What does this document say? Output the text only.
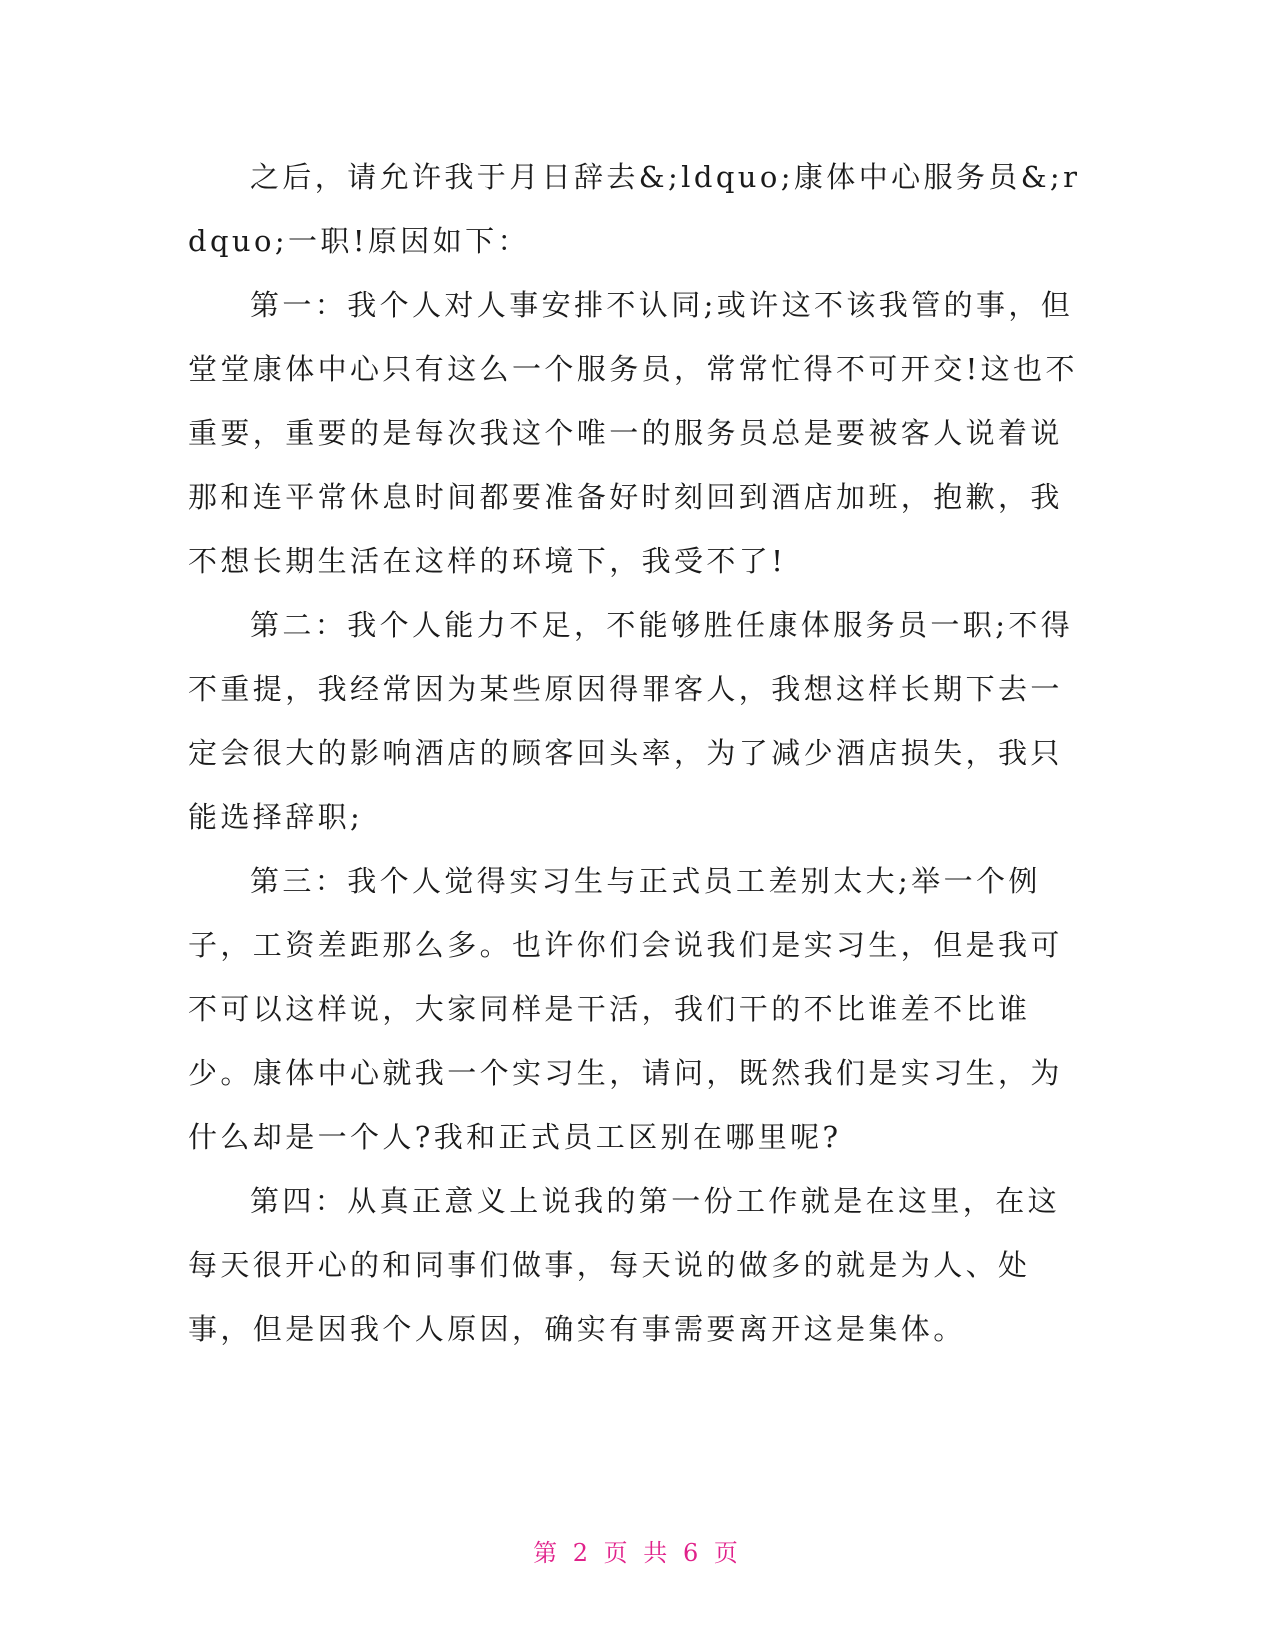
之后，请允许我于月日辞去&;ldquo;康体中心服务员&;rdquo;一职!原因如下：

第一：我个人对人事安排不认同;或许这不该我管的事，但堂堂康体中心只有这么一个服务员，常常忙得不可开交!这也不重要，重要的是每次我这个唯一的服务员总是要被客人说着说那和连平常休息时间都要准备好时刻回到酒店加班，抱歉，我不想长期生活在这样的环境下，我受不了!

第二：我个人能力不足，不能够胜任康体服务员一职;不得不重提，我经常因为某些原因得罪客人，我想这样长期下去一定会很大的影响酒店的顾客回头率，为了减少酒店损失，我只能选择辞职;

第三：我个人觉得实习生与正式员工差别太大;举一个例子，工资差距那么多。也许你们会说我们是实习生，但是我可不可以这样说，大家同样是干活，我们干的不比谁差不比谁少。康体中心就我一个实习生，请问，既然我们是实习生，为什么却是一个人?我和正式员工区别在哪里呢?

第四：从真正意义上说我的第一份工作就是在这里，在这每天很开心的和同事们做事，每天说的做多的就是为人、处事，但是因我个人原因，确实有事需要离开这是集体。

第 2 页 共 6 页
